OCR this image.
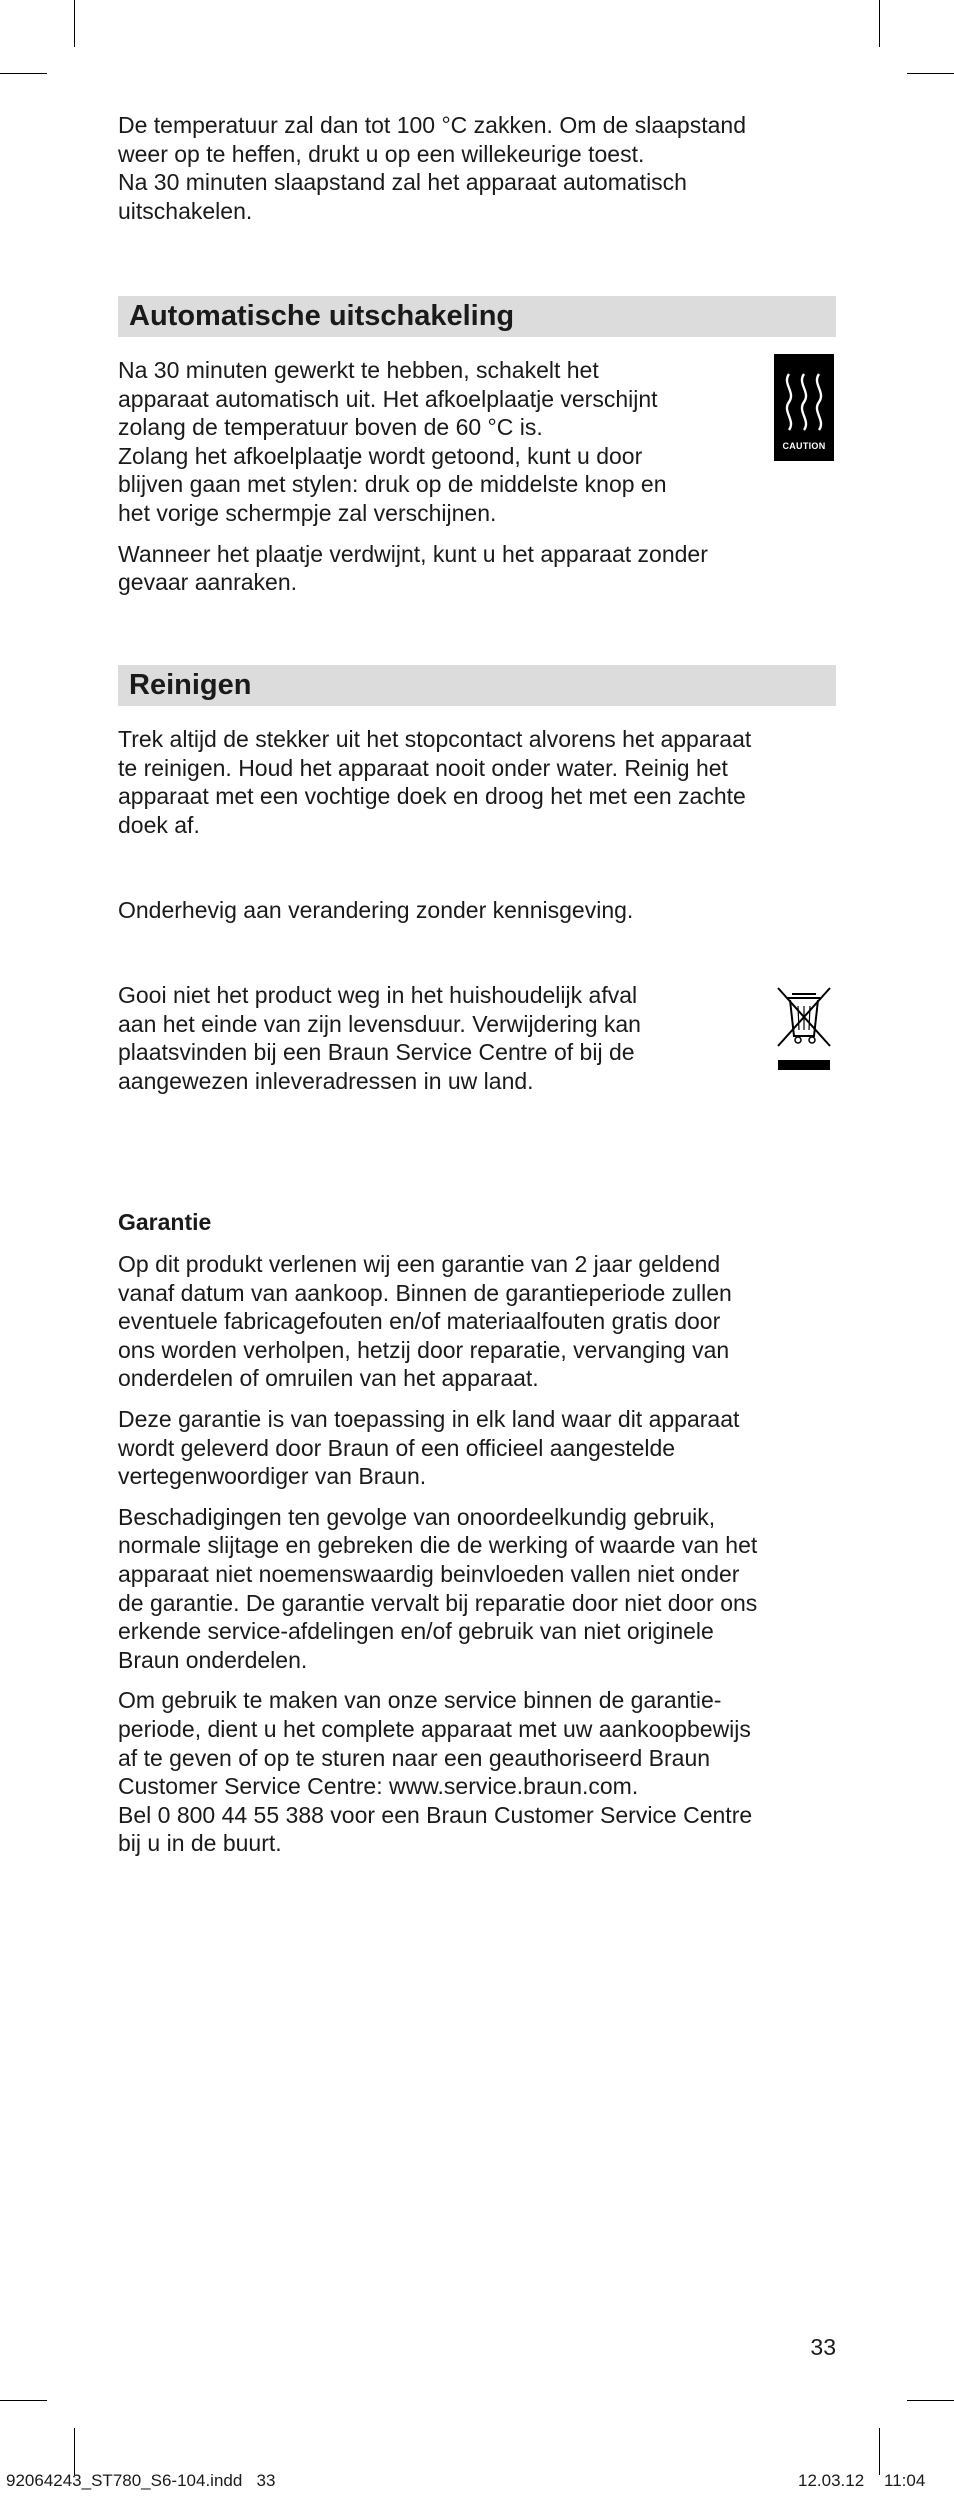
De temperatuur zal dan tot 100 °C zakken. Om de slaapstand
weer op te heffen, drukt u op een willekeurige toest.
Na 30 minuten slaapstand zal het apparaat automatisch
uitschakelen.

Automatische uitschakeling

Na 30 minuten gewerkt te hebben, schakelt het
apparaat automatisch uit. Het afkoelplaatje verschijnt
zolang de temperatuur boven de 60 °C is.
Zolang het afkoelplaatje wordt getoond, kunt u door
blijven gaan met stylen: druk op de middelste knop en
het vorige schermpje zal verschijnen.

Wanneer het plaatje verdwijnt, kunt u het apparaat zonder
gevaar aanraken.

CAUTION
Reinigen

Trek altijd de stekker uit het stopcontact alvorens het apparaat
te reinigen. Houd het apparaat nooit onder water. Reinig het
apparaat met een vochtige doek en droog het met een zachte
doek af.

Onderhevig aan verandering zonder kennisgeving.

Gooi niet het product weg in het huishoudelijk afval
aan het einde van zijn levensduur. Verwijdering kan
plaatsvinden bij een Braun Service Centre of bij de
aangewezen inleveradressen in uw land.

Garantie

Op dit produkt verlenen wij een garantie van 2 jaar geldend
vanaf datum van aankoop. Binnen de garantieperiode zullen
eventuele fabricagefouten en/of materiaalfouten gratis door
ons worden verholpen, hetzij door reparatie, vervanging van
onderdelen of omruilen van het apparaat.

Deze garantie is van toepassing in elk land waar dit apparaat
wordt geleverd door Braun of een officieel aangestelde
vertegenwoordiger van Braun.

Beschadigingen ten gevolge van onoordeelkundig gebruik,
normale slijtage en gebreken die de werking of waarde van het
apparaat niet noemenswaardig beinvloeden vallen niet onder
de garantie. De garantie vervalt bij reparatie door niet door ons
erkende service-afdelingen en/of gebruik van niet originele
Braun onderdelen.

Om gebruik te maken van onze service binnen de garantie-
periode, dient u het complete apparaat met uw aankoopbewijs
af te geven of op te sturen naar een geauthoriseerd Braun
Customer Service Centre: www.service.braun.com.
Bel 0 800 44 55 388 voor een Braun Customer Service Centre
bij u in de buurt.

33
92064243_ST780_S6-104.indd   33	12.03.12 11:04
